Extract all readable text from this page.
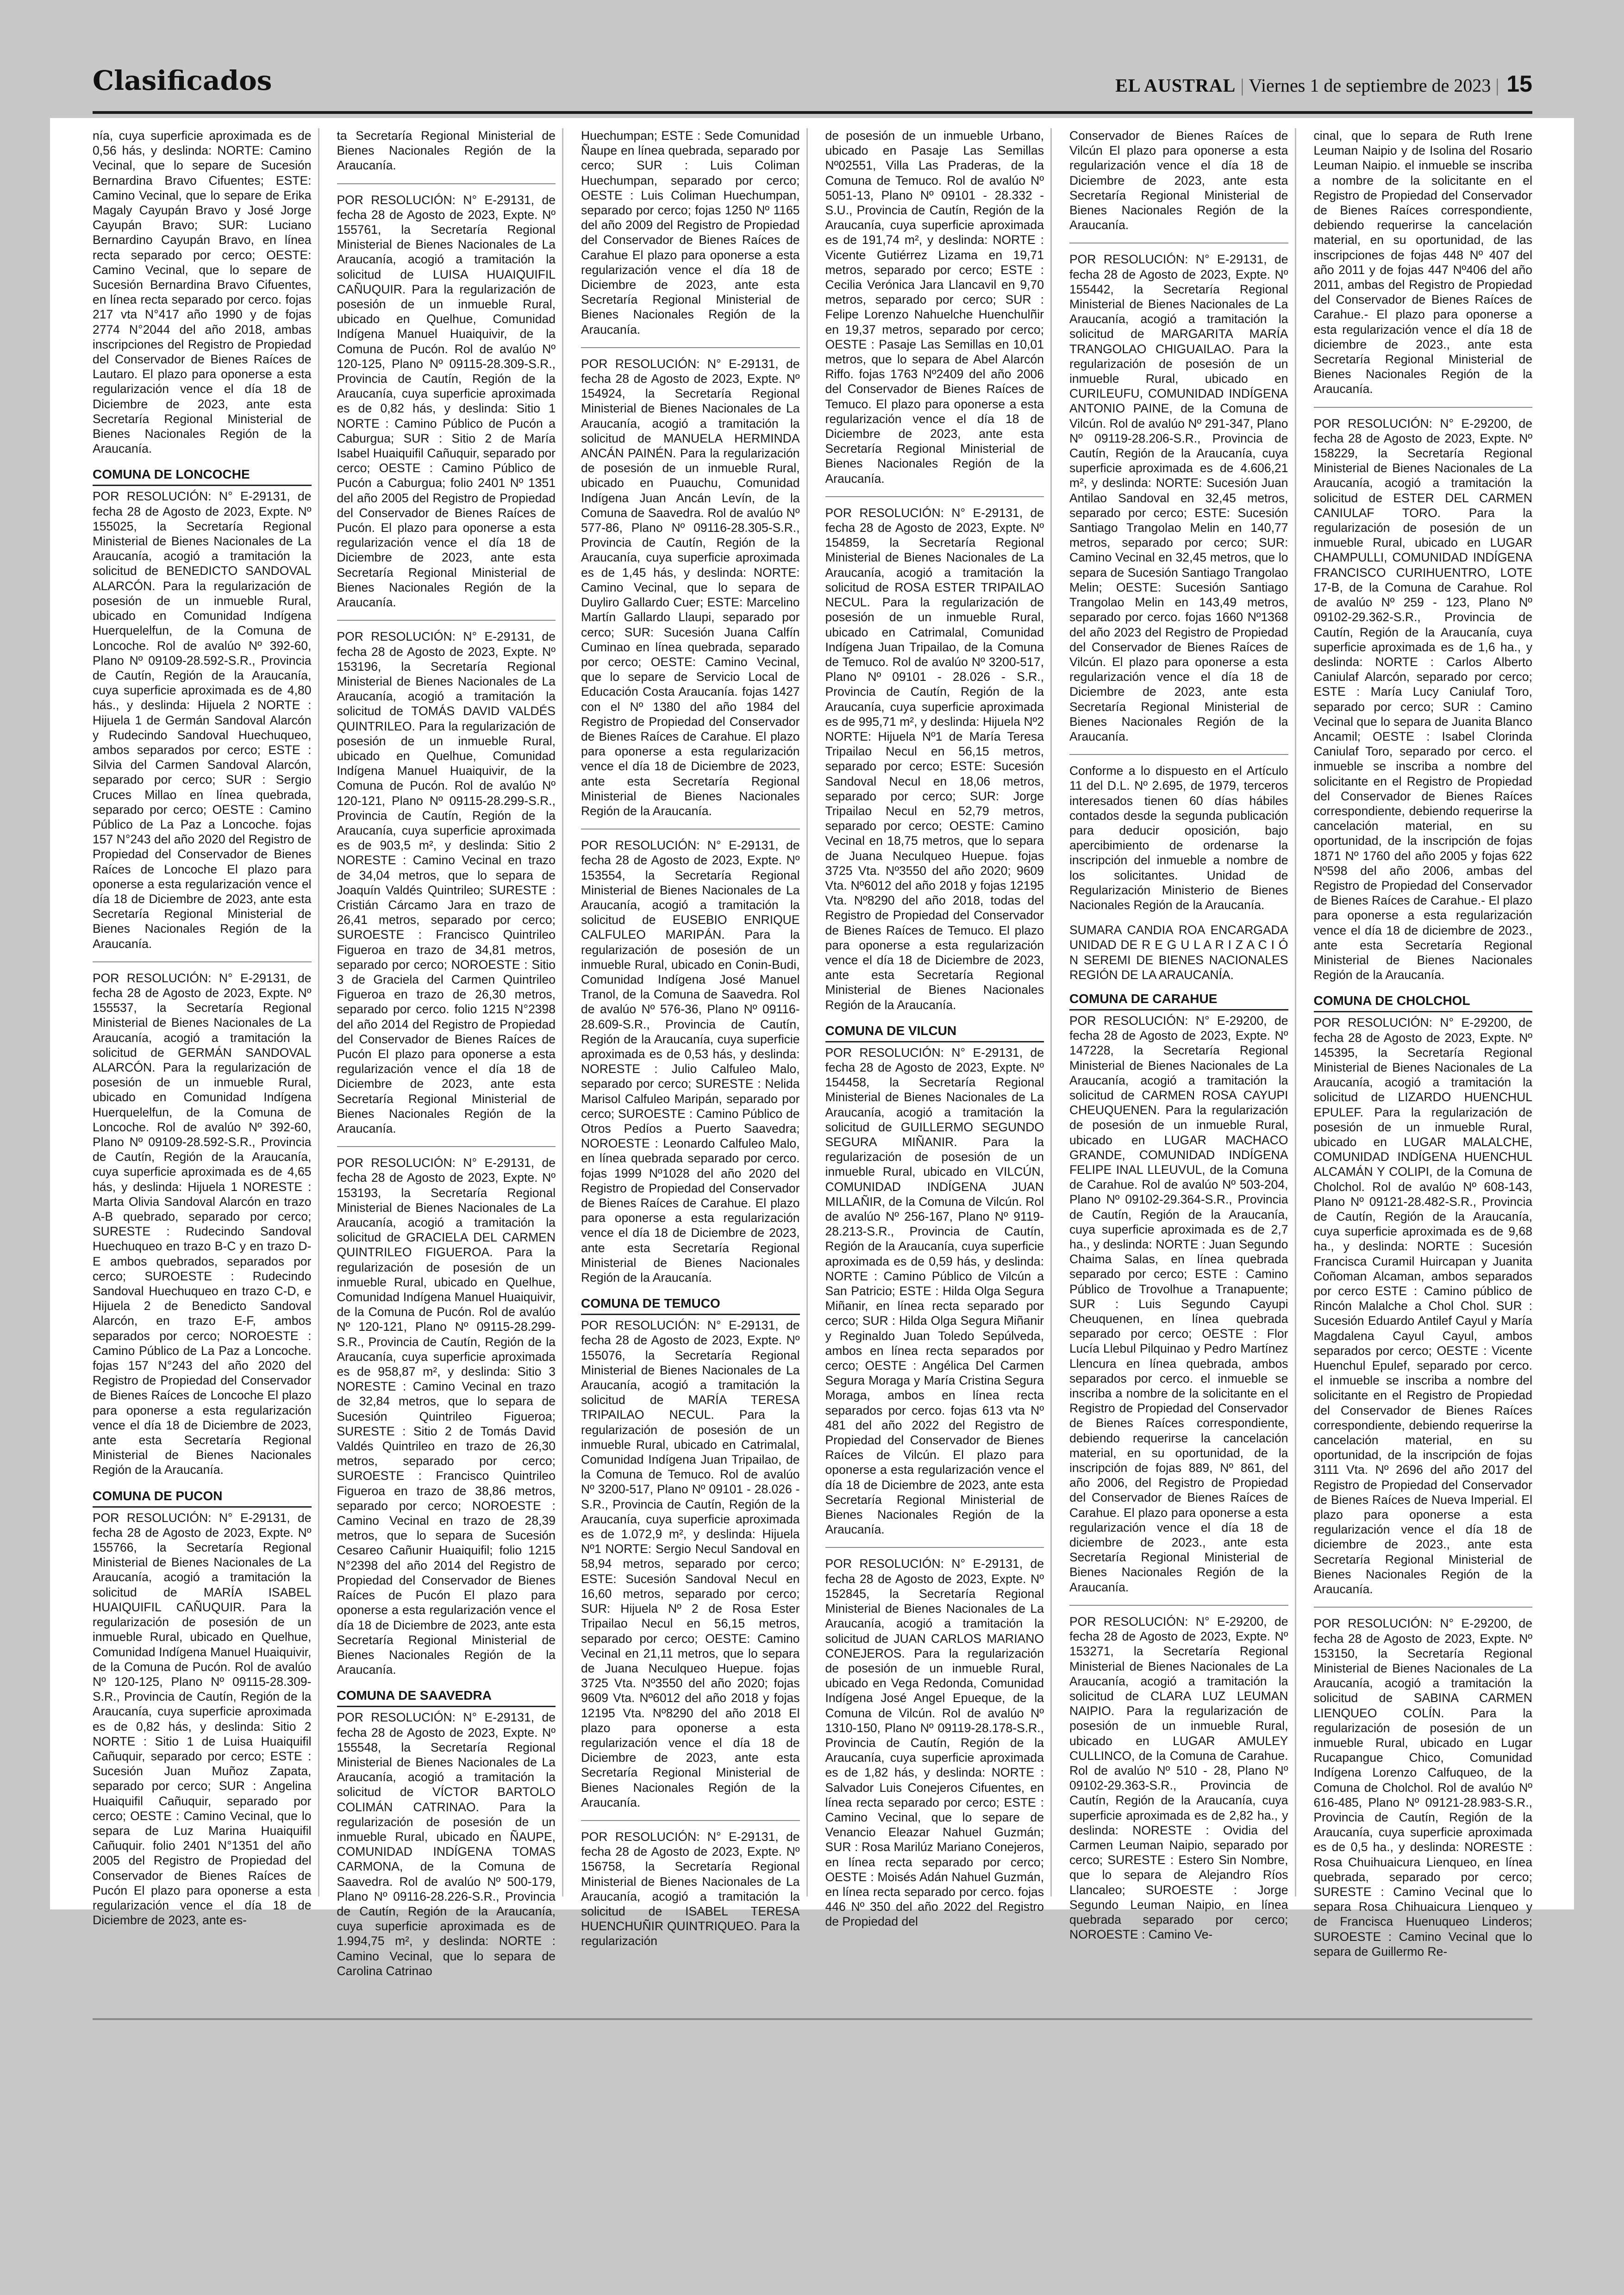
Clasificados	EL AUSTRAL | Viernes 1 de septiembre de 2023 | 15

nía, cuya superficie aproximada es de 0,56 hás, y deslinda: NORTE: Camino Vecinal, que lo separe de Sucesión Bernardina Bravo Cifuentes; ESTE: Camino Vecinal, que lo separe de Erika Magaly Cayupán Bravo y José Jorge Cayupán Bravo; SUR: Luciano Bernardino Cayupán Bravo, en línea recta separado por cerco; OESTE: Camino Vecinal, que lo separe de Sucesión Bernardina Bravo Cifuentes, en línea recta separado por cerco. fojas 217 vta N°417 año 1990 y de fojas 2774 N°2044 del año 2018, ambas inscripciones del Registro de Propiedad del Conservador de Bienes Raíces de Lautaro. El plazo para oponerse a esta regularización vence el día 18 de Diciembre de 2023, ante esta Secretaría Regional Ministerial de Bienes Nacionales Región de la Araucanía.

COMUNA DE LONCOCHE

POR RESOLUCIÓN: N° E-29131, de fecha 28 de Agosto de 2023, Expte. Nº 155025, la Secretaría Regional Ministerial de Bienes Nacionales de La Araucanía, acogió a tramitación la solicitud de BENEDICTO SANDOVAL ALARCÓN. Para la regularización de posesión de un inmueble Rural, ubicado en Comunidad Indígena Huerquelelfun, de la Comuna de Loncoche. Rol de avalúo Nº 392-60, Plano Nº 09109-28.592-S.R., Provincia de Cautín, Región de la Araucanía, cuya superficie aproximada es de 4,80 hás., y deslinda: Hijuela 2 NORTE : Hijuela 1 de Germán Sandoval Alarcón y Rudecindo Sandoval Huechuqueo, ambos separados por cerco; ESTE : Silvia del Carmen Sandoval Alarcón, separado por cerco; SUR : Sergio Cruces Millao en línea quebrada, separado por cerco; OESTE : Camino Público de La Paz a Loncoche. fojas 157 N°243 del año 2020 del Registro de Propiedad del Conservador de Bienes Raíces de Loncoche El plazo para oponerse a esta regularización vence el día 18 de Diciembre de 2023, ante esta Secretaría Regional Ministerial de Bienes Nacionales Región de la Araucanía.

POR RESOLUCIÓN: N° E-29131, de fecha 28 de Agosto de 2023, Expte. Nº 155537, la Secretaría Regional Ministerial de Bienes Nacionales de La Araucanía, acogió a tramitación la solicitud de GERMÁN SANDOVAL ALARCÓN. Para la regularización de posesión de un inmueble Rural, ubicado en Comunidad Indígena Huerquelelfun, de la Comuna de Loncoche. Rol de avalúo Nº 392-60, Plano Nº 09109-28.592-S.R., Provincia de Cautín, Región de la Araucanía, cuya superficie aproximada es de 4,65 hás, y deslinda: Hijuela 1 NORESTE : Marta Olivia Sandoval Alarcón en trazo A-B quebrado, separado por cerco; SURESTE : Rudecindo Sandoval Huechuqueo en trazo B-C y en trazo D-E ambos quebrados, separados por cerco; SUROESTE : Rudecindo Sandoval Huechuqueo en trazo C-D, e Hijuela 2 de Benedicto Sandoval Alarcón, en trazo E-F, ambos separados por cerco; NOROESTE : Camino Público de La Paz a Loncoche. fojas 157 N°243 del año 2020 del Registro de Propiedad del Conservador de Bienes Raíces de Loncoche El plazo para oponerse a esta regularización vence el día 18 de Diciembre de 2023, ante esta Secretaría Regional Ministerial de Bienes Nacionales Región de la Araucanía.

COMUNA DE PUCON

POR RESOLUCIÓN: N° E-29131, de fecha 28 de Agosto de 2023, Expte. Nº 155766, la Secretaría Regional Ministerial de Bienes Nacionales de La Araucanía, acogió a tramitación la solicitud de MARÍA ISABEL HUAIQUIFIL CAÑUQUIR. Para la regularización de posesión de un inmueble Rural, ubicado en Quelhue, Comunidad Indígena Manuel Huaiquivir, de la Comuna de Pucón. Rol de avalúo Nº 120-125, Plano Nº 09115-28.309-S.R., Provincia de Cautín, Región de la Araucanía, cuya superficie aproximada es de 0,82 hás, y deslinda: Sitio 2 NORTE : Sitio 1 de Luisa Huaiquifil Cañuquir, separado por cerco; ESTE : Sucesión Juan Muñoz Zapata, separado por cerco; SUR : Angelina Huaiquifil Cañuquir, separado por cerco; OESTE : Camino Vecinal, que lo separa de Luz Marina Huaiquifil Cañuquir. folio 2401 N°1351 del año 2005 del Registro de Propiedad del Conservador de Bienes Raíces de Pucón El plazo para oponerse a esta regularización vence el día 18 de Diciembre de 2023, ante es-

ta Secretaría Regional Ministerial de Bienes Nacionales Región de la Araucanía.

POR RESOLUCIÓN: N° E-29131, de fecha 28 de Agosto de 2023, Expte. Nº 155761, la Secretaría Regional Ministerial de Bienes Nacionales de La Araucanía, acogió a tramitación la solicitud de LUISA HUAIQUIFIL CAÑUQUIR. Para la regularización de posesión de un inmueble Rural, ubicado en Quelhue, Comunidad Indígena Manuel Huaiquivir, de la Comuna de Pucón. Rol de avalúo Nº 120-125, Plano Nº 09115-28.309-S.R., Provincia de Cautín, Región de la Araucanía, cuya superficie aproximada es de 0,82 hás, y deslinda: Sitio 1 NORTE : Camino Público de Pucón a Caburgua; SUR : Sitio 2 de María Isabel Huaiquifil Cañuquir, separado por cerco; OESTE : Camino Público de Pucón a Caburgua; folio 2401 Nº 1351 del año 2005 del Registro de Propiedad del Conservador de Bienes Raíces de Pucón. El plazo para oponerse a esta regularización vence el día 18 de Diciembre de 2023, ante esta Secretaría Regional Ministerial de Bienes Nacionales Región de la Araucanía.

POR RESOLUCIÓN: N° E-29131, de fecha 28 de Agosto de 2023, Expte. Nº 153196, la Secretaría Regional Ministerial de Bienes Nacionales de La Araucanía, acogió a tramitación la solicitud de TOMÁS DAVID VALDÉS QUINTRILEO. Para la regularización de posesión de un inmueble Rural, ubicado en Quelhue, Comunidad Indígena Manuel Huaiquivir, de la Comuna de Pucón. Rol de avalúo Nº 120-121, Plano Nº 09115-28.299-S.R., Provincia de Cautín, Región de la Araucanía, cuya superficie aproximada es de 903,5 m², y deslinda: Sitio 2 NORESTE : Camino Vecinal en trazo de 34,04 metros, que lo separa de Joaquín Valdés Quintrileo; SURESTE : Cristián Cárcamo Jara en trazo de 26,41 metros, separado por cerco; SUROESTE : Francisco Quintrileo Figueroa en trazo de 34,81 metros, separado por cerco; NOROESTE : Sitio 3 de Graciela del Carmen Quintrileo Figueroa en trazo de 26,30 metros, separado por cerco. folio 1215 N°2398 del año 2014 del Registro de Propiedad del Conservador de Bienes Raíces de Pucón El plazo para oponerse a esta regularización vence el día 18 de Diciembre de 2023, ante esta Secretaría Regional Ministerial de Bienes Nacionales Región de la Araucanía.

POR RESOLUCIÓN: N° E-29131, de fecha 28 de Agosto de 2023, Expte. Nº 153193, la Secretaría Regional Ministerial de Bienes Nacionales de La Araucanía, acogió a tramitación la solicitud de GRACIELA DEL CARMEN QUINTRILEO FIGUEROA. Para la regularización de posesión de un inmueble Rural, ubicado en Quelhue, Comunidad Indígena Manuel Huaiquivir, de la Comuna de Pucón. Rol de avalúo Nº 120-121, Plano Nº 09115-28.299-S.R., Provincia de Cautín, Región de la Araucanía, cuya superficie aproximada es de 958,87 m², y deslinda: Sitio 3 NORESTE : Camino Vecinal en trazo de 32,84 metros, que lo separa de Sucesión Quintrileo Figueroa; SURESTE : Sitio 2 de Tomás David Valdés Quintrileo en trazo de 26,30 metros, separado por cerco; SUROESTE : Francisco Quintrileo Figueroa en trazo de 38,86 metros, separado por cerco; NOROESTE : Camino Vecinal en trazo de 28,39 metros, que lo separa de Sucesión Cesareo Cañunir Huaiquifil; folio 1215 N°2398 del año 2014 del Registro de Propiedad del Conservador de Bienes Raíces de Pucón El plazo para oponerse a esta regularización vence el día 18 de Diciembre de 2023, ante esta Secretaría Regional Ministerial de Bienes Nacionales Región de la Araucanía.

COMUNA DE SAAVEDRA

POR RESOLUCIÓN: N° E-29131, de fecha 28 de Agosto de 2023, Expte. Nº 155548, la Secretaría Regional Ministerial de Bienes Nacionales de La Araucanía, acogió a tramitación la solicitud de VÍCTOR BARTOLO COLIMÁN CATRINAO. Para la regularización de posesión de un inmueble Rural, ubicado en ÑAUPE, COMUNIDAD INDÍGENA TOMAS CARMONA, de la Comuna de Saavedra. Rol de avalúo Nº 500-179, Plano Nº 09116-28.226-S.R., Provincia de Cautín, Región de la Araucanía, cuya superficie aproximada es de 1.994,75 m², y deslinda: NORTE : Camino Vecinal, que lo separa de Carolina Catrinao

Huechumpan; ESTE : Sede Comunidad Ñaupe en línea quebrada, separado por cerco; SUR : Luis Coliman Huechumpan, separado por cerco; OESTE : Luis Coliman Huechumpan, separado por cerco; fojas 1250 Nº 1165 del año 2009 del Registro de Propiedad del Conservador de Bienes Raíces de Carahue El plazo para oponerse a esta regularización vence el día 18 de Diciembre de 2023, ante esta Secretaría Regional Ministerial de Bienes Nacionales Región de la Araucanía.

POR RESOLUCIÓN: N° E-29131, de fecha 28 de Agosto de 2023, Expte. Nº 154924, la Secretaría Regional Ministerial de Bienes Nacionales de La Araucanía, acogió a tramitación la solicitud de MANUELA HERMINDA ANCÁN PAINÉN. Para la regularización de posesión de un inmueble Rural, ubicado en Puauchu, Comunidad Indígena Juan Ancán Levín, de la Comuna de Saavedra. Rol de avalúo Nº 577-86, Plano Nº 09116-28.305-S.R., Provincia de Cautín, Región de la Araucanía, cuya superficie aproximada es de 1,45 hás, y deslinda: NORTE: Camino Vecinal, que lo separa de Duyliro Gallardo Cuer; ESTE: Marcelino Martín Gallardo Llaupi, separado por cerco; SUR: Sucesión Juana Calfín Cuminao en línea quebrada, separado por cerco; OESTE: Camino Vecinal, que lo separe de Servicio Local de Educación Costa Araucanía. fojas 1427 con el Nº 1380 del año 1984 del Registro de Propiedad del Conservador de Bienes Raíces de Carahue. El plazo para oponerse a esta regularización vence el día 18 de Diciembre de 2023, ante esta Secretaría Regional Ministerial de Bienes Nacionales Región de la Araucanía.

POR RESOLUCIÓN: N° E-29131, de fecha 28 de Agosto de 2023, Expte. Nº 153554, la Secretaría Regional Ministerial de Bienes Nacionales de La Araucanía, acogió a tramitación la solicitud de EUSEBIO ENRIQUE CALFULEO MARIPÁN. Para la regularización de posesión de un inmueble Rural, ubicado en Conin-Budi, Comunidad Indígena José Manuel Tranol, de la Comuna de Saavedra. Rol de avalúo Nº 576-36, Plano Nº 09116-28.609-S.R., Provincia de Cautín, Región de la Araucanía, cuya superficie aproximada es de 0,53 hás, y deslinda: NORESTE : Julio Calfuleo Malo, separado por cerco; SURESTE : Nelida Marisol Calfuleo Maripán, separado por cerco; SUROESTE : Camino Público de Otros Pedíos a Puerto Saavedra; NOROESTE : Leonardo Calfuleo Malo, en línea quebrada separado por cerco. fojas 1999 Nº1028 del año 2020 del Registro de Propiedad del Conservador de Bienes Raíces de Carahue. El plazo para oponerse a esta regularización vence el día 18 de Diciembre de 2023, ante esta Secretaría Regional Ministerial de Bienes Nacionales Región de la Araucanía.

COMUNA DE TEMUCO

POR RESOLUCIÓN: N° E-29131, de fecha 28 de Agosto de 2023, Expte. Nº 155076, la Secretaría Regional Ministerial de Bienes Nacionales de La Araucanía, acogió a tramitación la solicitud de MARÍA TERESA TRIPAILAO NECUL. Para la regularización de posesión de un inmueble Rural, ubicado en Catrimalal, Comunidad Indígena Juan Tripailao, de la Comuna de Temuco. Rol de avalúo Nº 3200-517, Plano Nº 09101 - 28.026 - S.R., Provincia de Cautín, Región de la Araucanía, cuya superficie aproximada es de 1.072,9 m², y deslinda: Hijuela Nº1 NORTE: Sergio Necul Sandoval en 58,94 metros, separado por cerco; ESTE: Sucesión Sandoval Necul en 16,60 metros, separado por cerco; SUR: Hijuela Nº 2 de Rosa Ester Tripailao Necul en 56,15 metros, separado por cerco; OESTE: Camino Vecinal en 21,11 metros, que lo separa de Juana Neculqueo Huepue. fojas 3725 Vta. Nº3550 del año 2020; fojas 9609 Vta. Nº6012 del año 2018 y fojas 12195 Vta. Nº8290 del año 2018 El plazo para oponerse a esta regularización vence el día 18 de Diciembre de 2023, ante esta Secretaría Regional Ministerial de Bienes Nacionales Región de la Araucanía.

POR RESOLUCIÓN: N° E-29131, de fecha 28 de Agosto de 2023, Expte. Nº 156758, la Secretaría Regional Ministerial de Bienes Nacionales de La Araucanía, acogió a tramitación la solicitud de ISABEL TERESA HUENCHUÑIR QUINTRIQUEO. Para la regularización

de posesión de un inmueble Urbano, ubicado en Pasaje Las Semillas Nº02551, Villa Las Praderas, de la Comuna de Temuco. Rol de avalúo Nº 5051-13, Plano Nº 09101 - 28.332 - S.U., Provincia de Cautín, Región de la Araucanía, cuya superficie aproximada es de 191,74 m², y deslinda: NORTE : Vicente Gutiérrez Lizama en 19,71 metros, separado por cerco; ESTE : Cecilia Verónica Jara Llancavil en 9,70 metros, separado por cerco; SUR : Felipe Lorenzo Nahuelche Huenchulñir en 19,37 metros, separado por cerco; OESTE : Pasaje Las Semillas en 10,01 metros, que lo separa de Abel Alarcón Riffo. fojas 1763 Nº2409 del año 2006 del Conservador de Bienes Raíces de Temuco. El plazo para oponerse a esta regularización vence el día 18 de Diciembre de 2023, ante esta Secretaría Regional Ministerial de Bienes Nacionales Región de la Araucanía.

POR RESOLUCIÓN: N° E-29131, de fecha 28 de Agosto de 2023, Expte. Nº 154859, la Secretaría Regional Ministerial de Bienes Nacionales de La Araucanía, acogió a tramitación la solicitud de ROSA ESTER TRIPAILAO NECUL. Para la regularización de posesión de un inmueble Rural, ubicado en Catrimalal, Comunidad Indígena Juan Tripailao, de la Comuna de Temuco. Rol de avalúo Nº 3200-517, Plano Nº 09101 - 28.026 - S.R., Provincia de Cautín, Región de la Araucanía, cuya superficie aproximada es de 995,71 m², y deslinda: Hijuela Nº2 NORTE: Hijuela Nº1 de María Teresa Tripailao Necul en 56,15 metros, separado por cerco; ESTE: Sucesión Sandoval Necul en 18,06 metros, separado por cerco; SUR: Jorge Tripailao Necul en 52,79 metros, separado por cerco; OESTE: Camino Vecinal en 18,75 metros, que lo separa de Juana Neculqueo Huepue. fojas 3725 Vta. Nº3550 del año 2020; 9609 Vta. Nº6012 del año 2018 y fojas 12195 Vta. Nº8290 del año 2018, todas del Registro de Propiedad del Conservador de Bienes Raíces de Temuco. El plazo para oponerse a esta regularización vence el día 18 de Diciembre de 2023, ante esta Secretaría Regional Ministerial de Bienes Nacionales Región de la Araucanía.

COMUNA DE VILCUN

POR RESOLUCIÓN: N° E-29131, de fecha 28 de Agosto de 2023, Expte. Nº 154458, la Secretaría Regional Ministerial de Bienes Nacionales de La Araucanía, acogió a tramitación la solicitud de GUILLERMO SEGUNDO SEGURA MIÑANIR. Para la regularización de posesión de un inmueble Rural, ubicado en VILCÚN, COMUNIDAD INDÍGENA JUAN MILLAÑIR, de la Comuna de Vilcún. Rol de avalúo Nº 256-167, Plano Nº 9119-28.213-S.R., Provincia de Cautín, Región de la Araucanía, cuya superficie aproximada es de 0,59 hás, y deslinda: NORTE : Camino Público de Vilcún a San Patricio; ESTE : Hilda Olga Segura Miñanir, en línea recta separado por cerco; SUR : Hilda Olga Segura Miñanir y Reginaldo Juan Toledo Sepúlveda, ambos en línea recta separados por cerco; OESTE : Angélica Del Carmen Segura Moraga y María Cristina Segura Moraga, ambos en línea recta separados por cerco. fojas 613 vta Nº 481 del año 2022 del Registro de Propiedad del Conservador de Bienes Raíces de Vilcún. El plazo para oponerse a esta regularización vence el día 18 de Diciembre de 2023, ante esta Secretaría Regional Ministerial de Bienes Nacionales Región de la Araucanía.

POR RESOLUCIÓN: N° E-29131, de fecha 28 de Agosto de 2023, Expte. Nº 152845, la Secretaría Regional Ministerial de Bienes Nacionales de La Araucanía, acogió a tramitación la solicitud de JUAN CARLOS MARIANO CONEJEROS. Para la regularización de posesión de un inmueble Rural, ubicado en Vega Redonda, Comunidad Indígena José Angel Epueque, de la Comuna de Vilcún. Rol de avalúo Nº 1310-150, Plano Nº 09119-28.178-S.R., Provincia de Cautín, Región de la Araucanía, cuya superficie aproximada es de 1,82 hás, y deslinda: NORTE : Salvador Luis Conejeros Cifuentes, en línea recta separado por cerco; ESTE : Camino Vecinal, que lo separe de Venancio Eleazar Nahuel Guzmán; SUR : Rosa Marilúz Mariano Conejeros, en línea recta separado por cerco; OESTE : Moisés Adán Nahuel Guzmán, en línea recta separado por cerco. fojas 446 Nº 350 del año 2022 del Registro de Propiedad del

Conservador de Bienes Raíces de Vilcún El plazo para oponerse a esta regularización vence el día 18 de Diciembre de 2023, ante esta Secretaría Regional Ministerial de Bienes Nacionales Región de la Araucanía.

POR RESOLUCIÓN: N° E-29131, de fecha 28 de Agosto de 2023, Expte. Nº 155442, la Secretaría Regional Ministerial de Bienes Nacionales de La Araucanía, acogió a tramitación la solicitud de MARGARITA MARÍA TRANGOLAO CHIGUAILAO. Para la regularización de posesión de un inmueble Rural, ubicado en CURILEUFU, COMUNIDAD INDÍGENA ANTONIO PAINE, de la Comuna de Vilcún. Rol de avalúo Nº 291-347, Plano Nº 09119-28.206-S.R., Provincia de Cautín, Región de la Araucanía, cuya superficie aproximada es de 4.606,21 m², y deslinda: NORTE: Sucesión Juan Antilao Sandoval en 32,45 metros, separado por cerco; ESTE: Sucesión Santiago Trangolao Melin en 140,77 metros, separado por cerco; SUR: Camino Vecinal en 32,45 metros, que lo separa de Sucesión Santiago Trangolao Melin; OESTE: Sucesión Santiago Trangolao Melin en 143,49 metros, separado por cerco. fojas 1660 Nº1368 del año 2023 del Registro de Propiedad del Conservador de Bienes Raíces de Vilcún. El plazo para oponerse a esta regularización vence el día 18 de Diciembre de 2023, ante esta Secretaría Regional Ministerial de Bienes Nacionales Región de la Araucanía.

Conforme a lo dispuesto en el Artículo 11 del D.L. Nº 2.695, de 1979, terceros interesados tienen 60 días hábiles contados desde la segunda publicación para deducir oposición, bajo apercibimiento de ordenarse la inscripción del inmueble a nombre de los solicitantes. Unidad de Regularización Ministerio de Bienes Nacionales Región de la Araucanía.

SUMARA CANDIA ROA ENCARGADA UNIDAD DE R E G U L A R I Z A C I Ó N SEREMI DE BIENES NACIONALES REGIÓN DE LA ARAUCANÍA.
COMUNA DE CARAHUE

POR RESOLUCIÓN: N° E-29200, de fecha 28 de Agosto de 2023, Expte. Nº 147228, la Secretaría Regional Ministerial de Bienes Nacionales de La Araucanía, acogió a tramitación la solicitud de CARMEN ROSA CAYUPI CHEUQUENEN. Para la regularización de posesión de un inmueble Rural, ubicado en LUGAR MACHACO GRANDE, COMUNIDAD INDÍGENA FELIPE INAL LLEUVUL, de la Comuna de Carahue. Rol de avalúo Nº 503-204, Plano Nº 09102-29.364-S.R., Provincia de Cautín, Región de la Araucanía, cuya superficie aproximada es de 2,7 ha., y deslinda: NORTE : Juan Segundo Chaima Salas, en línea quebrada separado por cerco; ESTE : Camino Público de Trovolhue a Tranapuente; SUR : Luis Segundo Cayupi Cheuquenen, en línea quebrada separado por cerco; OESTE : Flor Lucía Llebul Pilquinao y Pedro Martínez Llencura en línea quebrada, ambos separados por cerco. el inmueble se inscriba a nombre de la solicitante en el Registro de Propiedad del Conservador de Bienes Raíces correspondiente, debiendo requerirse la cancelación material, en su oportunidad, de la inscripción de fojas 889, Nº 861, del año 2006, del Registro de Propiedad del Conservador de Bienes Raíces de Carahue. El plazo para oponerse a esta regularización vence el día 18 de diciembre de 2023., ante esta Secretaría Regional Ministerial de Bienes Nacionales Región de la Araucanía.

POR RESOLUCIÓN: N° E-29200, de fecha 28 de Agosto de 2023, Expte. Nº 153271, la Secretaría Regional Ministerial de Bienes Nacionales de La Araucanía, acogió a tramitación la solicitud de CLARA LUZ LEUMAN NAIPIO. Para la regularización de posesión de un inmueble Rural, ubicado en LUGAR AMULEY CULLINCO, de la Comuna de Carahue. Rol de avalúo Nº 510 - 28, Plano Nº 09102-29.363-S.R., Provincia de Cautín, Región de la Araucanía, cuya superficie aproximada es de 2,82 ha., y deslinda: NORESTE : Ovidia del Carmen Leuman Naipio, separado por cerco; SURESTE : Estero Sin Nombre, que lo separa de Alejandro Ríos Llancaleo; SUROESTE : Jorge Segundo Leuman Naipio, en línea quebrada separado por cerco; NOROESTE : Camino Ve-

cinal, que lo separa de Ruth Irene Leuman Naipio y de Isolina del Rosario Leuman Naipio. el inmueble se inscriba a nombre de la solicitante en el Registro de Propiedad del Conservador de Bienes Raíces correspondiente, debiendo requerirse la cancelación material, en su oportunidad, de las inscripciones de fojas 448 Nº 407 del año 2011 y de fojas 447 Nº406 del año 2011, ambas del Registro de Propiedad del Conservador de Bienes Raíces de Carahue.- El plazo para oponerse a esta regularización vence el día 18 de diciembre de 2023., ante esta Secretaría Regional Ministerial de Bienes Nacionales Región de la Araucanía.

POR RESOLUCIÓN: N° E-29200, de fecha 28 de Agosto de 2023, Expte. Nº 158229, la Secretaría Regional Ministerial de Bienes Nacionales de La Araucanía, acogió a tramitación la solicitud de ESTER DEL CARMEN CANIULAF TORO. Para la regularización de posesión de un inmueble Rural, ubicado en LUGAR CHAMPULLI, COMUNIDAD INDÍGENA FRANCISCO CURIHUENTRO, LOTE 17-B, de la Comuna de Carahue. Rol de avalúo Nº 259 - 123, Plano Nº 09102-29.362-S.R., Provincia de Cautín, Región de la Araucanía, cuya superficie aproximada es de 1,6 ha., y deslinda: NORTE : Carlos Alberto Caniulaf Alarcón, separado por cerco; ESTE : María Lucy Caniulaf Toro, separado por cerco; SUR : Camino Vecinal que lo separa de Juanita Blanco Ancamil; OESTE : Isabel Clorinda Caniulaf Toro, separado por cerco. el inmueble se inscriba a nombre del solicitante en el Registro de Propiedad del Conservador de Bienes Raíces correspondiente, debiendo requerirse la cancelación material, en su oportunidad, de la inscripción de fojas 1871 Nº 1760 del año 2005 y fojas 622 Nº598 del año 2006, ambas del Registro de Propiedad del Conservador de Bienes Raíces de Carahue.- El plazo para oponerse a esta regularización vence el día 18 de diciembre de 2023., ante esta Secretaría Regional Ministerial de Bienes Nacionales Región de la Araucanía.

COMUNA DE CHOLCHOL

POR RESOLUCIÓN: N° E-29200, de fecha 28 de Agosto de 2023, Expte. Nº 145395, la Secretaría Regional Ministerial de Bienes Nacionales de La Araucanía, acogió a tramitación la solicitud de LIZARDO HUENCHUL EPULEF. Para la regularización de posesión de un inmueble Rural, ubicado en LUGAR MALALCHE, COMUNIDAD INDÍGENA HUENCHUL ALCAMÁN Y COLIPI, de la Comuna de Cholchol. Rol de avalúo Nº 608-143, Plano Nº 09121-28.482-S.R., Provincia de Cautín, Región de la Araucanía, cuya superficie aproximada es de 9,68 ha., y deslinda: NORTE : Sucesión Francisca Curamil Huircapan y Juanita Coñoman Alcaman, ambos separados por cerco ESTE : Camino público de Rincón Malalche a Chol Chol. SUR : Sucesión Eduardo Antilef Cayul y María Magdalena Cayul Cayul, ambos separados por cerco; OESTE : Vicente Huenchul Epulef, separado por cerco. el inmueble se inscriba a nombre del solicitante en el Registro de Propiedad del Conservador de Bienes Raíces correspondiente, debiendo requerirse la cancelación material, en su oportunidad, de la inscripción de fojas 3111 Vta. Nº 2696 del año 2017 del Registro de Propiedad del Conservador de Bienes Raíces de Nueva Imperial. El plazo para oponerse a esta regularización vence el día 18 de diciembre de 2023., ante esta Secretaría Regional Ministerial de Bienes Nacionales Región de la Araucanía.

POR RESOLUCIÓN: N° E-29200, de fecha 28 de Agosto de 2023, Expte. Nº 153150, la Secretaría Regional Ministerial de Bienes Nacionales de La Araucanía, acogió a tramitación la solicitud de SABINA CARMEN LIENQUEO COLÍN. Para la regularización de posesión de un inmueble Rural, ubicado en Lugar Rucapangue Chico, Comunidad Indígena Lorenzo Calfuqueo, de la Comuna de Cholchol. Rol de avalúo Nº 616-485, Plano Nº 09121-28.983-S.R., Provincia de Cautín, Región de la Araucanía, cuya superficie aproximada es de 0,5 ha., y deslinda: NORESTE : Rosa Chuihuaicura Lienqueo, en línea quebrada, separado por cerco; SURESTE : Camino Vecinal que lo separa Rosa Chihuaicura Lienqueo y de Francisca Huenuqueo Linderos; SUROESTE : Camino Vecinal que lo separa de Guillermo Re-
